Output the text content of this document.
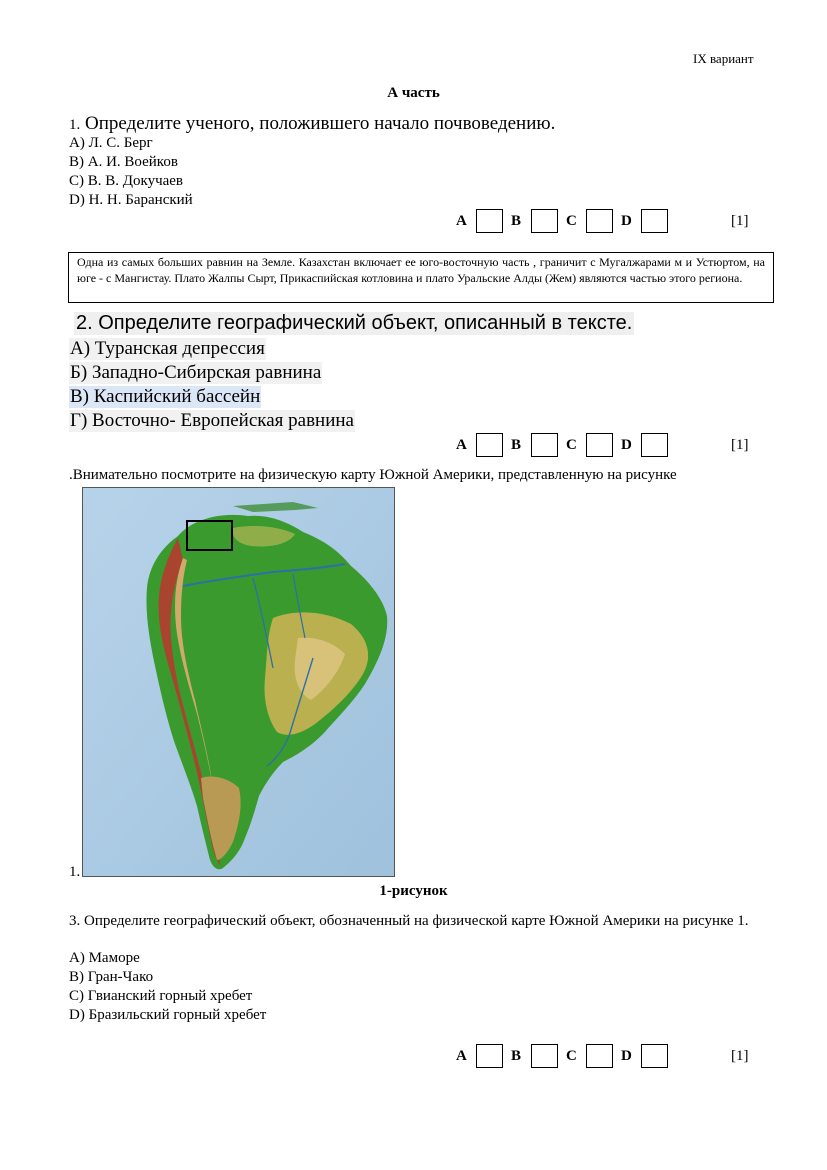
IX вариант
А часть
1. Определите ученого, положившего начало почвоведению.
A) Л. С. Берг
B) А. И. Воейков
C) В. В. Докучаев
D) Н. Н. Баранский
A	B	C	D	[1]
Одна из самых больших равнин на Земле. Казахстан включает ее юго-восточную часть , граничит с Мугалжарами м и Устюртом, на юге - с Мангистау. Плато Жалпы Сырт, Прикаспийская котловина и плато Уральские Алды (Жем) являются частью этого региона.
2. Определите географический объект, описанный в тексте.
А) Туранская депрессия
Б) Западно-Сибирская равнина
В) Каспийский бассейн
Г) Восточно- Европейская равнина
A	B	C	D	[1]
.Внимательно посмотрите на физическую карту Южной Америки, представленную на рисунке
1.
1-рисунок
3. Определите географический объект, обозначенный на физической карте Южной Америки на рисунке 1.
A) Маморе
B) Гран-Чако
C) Гвианский горный хребет
D) Бразильский горный хребет
A	B	C	D	[1]
